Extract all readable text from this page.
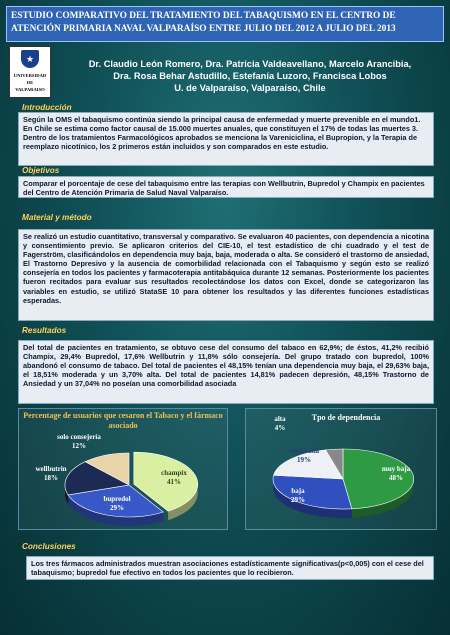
ESTUDIO COMPARATIVO DEL TRATAMIENTO DEL TABAQUISMO EN EL CENTRO DE ATENCIÓN PRIMARIA NAVAL VALPARAÍSO ENTRE JULIO DEL 2012 A JULIO DEL 2013
★
UNIVERSIDAD
DE
VALPARAISO
Dr. Claudio León Romero, Dra. Patricia Valdeavellano, Marcelo Arancibia,
Dra. Rosa Behar Astudillo, Estefanía Luzoro, Francisca Lobos
U. de Valparaíso, Valparaíso, Chile
Introducción
Según la OMS el tabaquismo continúa siendo la principal causa de enfermedad y muerte prevenible en el mundo1. En Chile se estima como factor causal de 15.000 muertes anuales, que constituyen el 17% de todas las muertes 3. Dentro de los tratamientos Farmacológicos aprobados se menciona la Vareniciclina, el Bupropion, y la Terapia de reemplazo nicotínico, los 2 primeros están incluidos y son comparados en este estudio.
Objetivos
Comparar el porcentaje de cese del tabaquismo entre las terapias con Wellbutrin, Bupredol y Champix en pacientes del Centro de Atención Primaria de Salud Naval Valparaíso.
Material y método
Se realizó un estudio cuantitativo, transversal y comparativo. Se evaluaron 40 pacientes, con dependencia a nicotina y consentimiento previo. Se aplicaron criterios del CIE-10, el test estadístico de chi cuadrado y el test de Fagerström, clasificándolos en dependencia muy baja, baja, moderada o alta. Se consideró el trastorno de ansiedad, El Trastorno Depresivo y la ausencia de comorbilidad relacionada con el Tabaquismo y según esto se realizó consejería en todos los pacientes y farmacoterapia antitabáquica durante 12 semanas. Posteriormente los pacientes fueron recitados para evaluar sus resultados recolectándose los datos con Excel, donde se categorizaron las variables en estudio, se utilizó StataSE 10 para obtener los resultados y las diferentes funciones estadísticas esperadas.
Resultados
Del total de pacientes en tratamiento, se obtuvo cese del consumo del tabaco en 62,9%; de éstos, 41,2% recibió Champix, 29,4% Bupredol, 17,6% Wellbutrin y 11,8% sólo consejería. Del grupo tratado con bupredol, 100% abandonó el consumo de tabaco. Del total de pacientes el 48,15% tenían una dependencia muy baja, el 29,63% baja, el 18,51% moderada y un 3,70% alta. Del total de pacientes 14,81% padecen depresión, 48,15% Trastorno de Ansiedad y un 37,04% no poseían una comorbilidad asociada
Percentage de usuarios que cesaron el Tabaco y el fármaco asociado
champix
41%
bupredol
29%
wellbutrin
18%
solo consejería
12%
Tpo de dependencia
muy baja
48%
baja
29%
moderada
19%
alta
4%
Conclusiones
Los tres fármacos administrados muestran asociaciones estadísticamente significativas(p<0,005) con el cese del tabaquismo; bupredol fue efectivo en todos los pacientes que lo recibieron.
